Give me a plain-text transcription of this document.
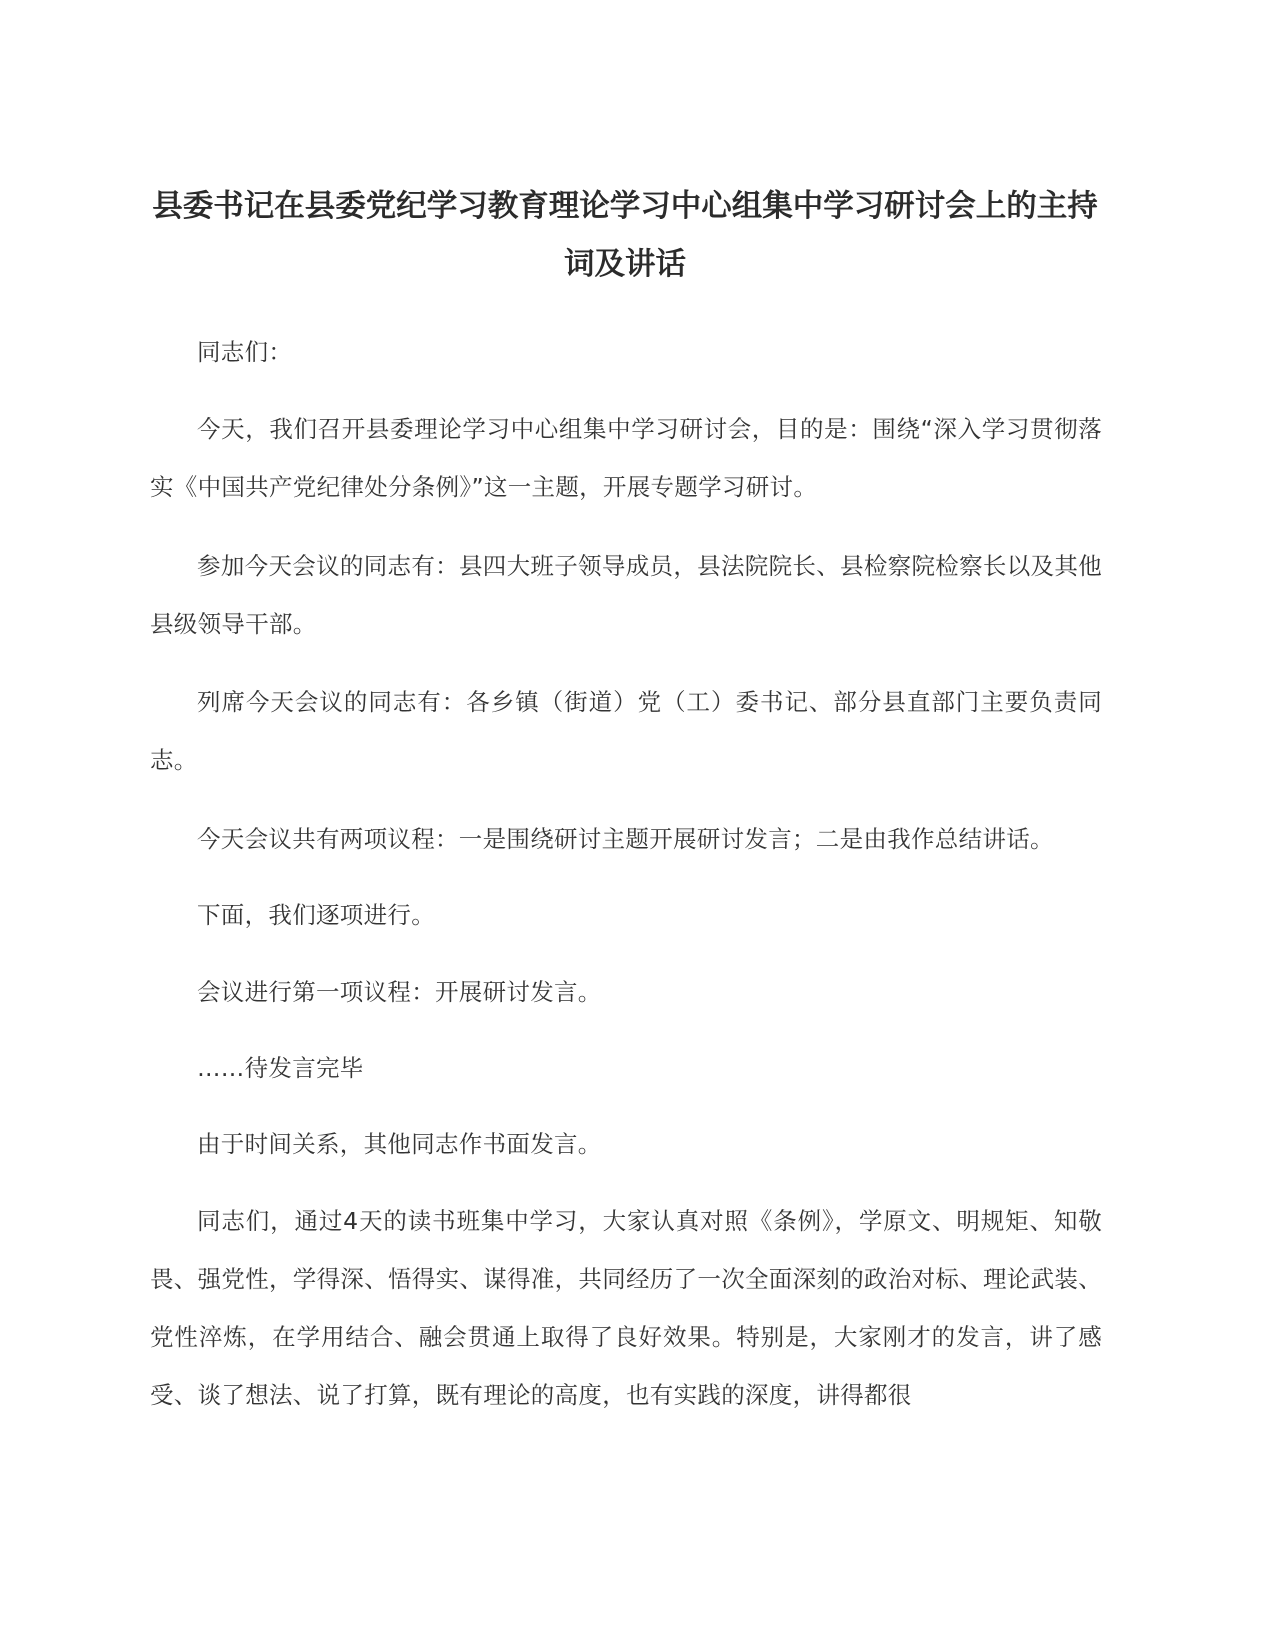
县委书记在县委党纪学习教育理论学习中心组集中学习研讨会上的主持词及讲话

同志们：

今天，我们召开县委理论学习中心组集中学习研讨会，目的是：围绕“深入学习贯彻落实《中国共产党纪律处分条例》”这一主题，开展专题学习研讨。

参加今天会议的同志有：县四大班子领导成员，县法院院长、县检察院检察长以及其他县级领导干部。

列席今天会议的同志有：各乡镇（街道）党（工）委书记、部分县直部门主要负责同志。

今天会议共有两项议程：一是围绕研讨主题开展研讨发言；二是由我作总结讲话。

下面，我们逐项进行。

会议进行第一项议程：开展研讨发言。

……待发言完毕

由于时间关系，其他同志作书面发言。

同志们，通过4天的读书班集中学习，大家认真对照《条例》，学原文、明规矩、知敬畏、强党性，学得深、悟得实、谋得准，共同经历了一次全面深刻的政治对标、理论武装、党性淬炼，在学用结合、融会贯通上取得了良好效果。特别是，大家刚才的发言，讲了感受、谈了想法、说了打算，既有理论的高度，也有实践的深度，讲得都很
